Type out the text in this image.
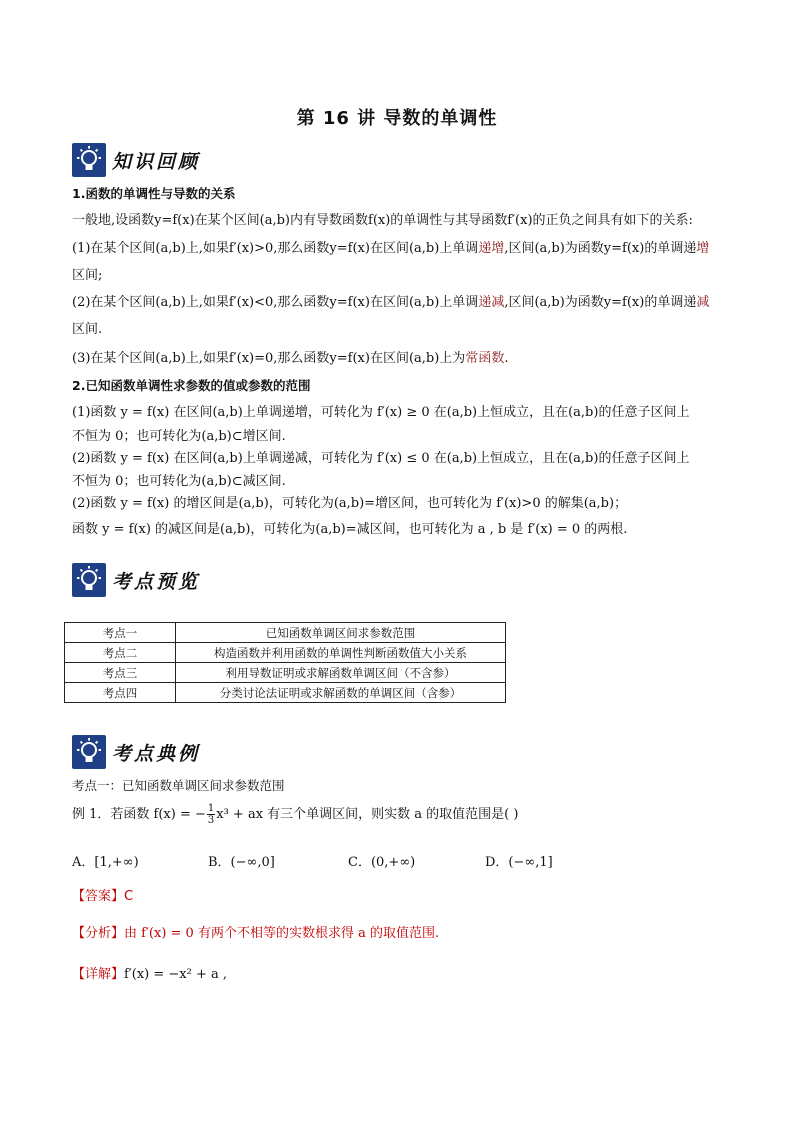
第 16 讲 导数的单调性
知识回顾
1.函数的单调性与导数的关系
一般地,设函数y=f(x)在某个区间(a,b)内有导数函数f(x)的单调性与其导函数f′(x)的正负之间具有如下的关系:
(1)在某个区间(a,b)上,如果f′(x)>0,那么函数y=f(x)在区间(a,b)上单调递增,区间(a,b)为函数y=f(x)的单调递增
区间;
(2)在某个区间(a,b)上,如果f′(x)<0,那么函数y=f(x)在区间(a,b)上单调递减,区间(a,b)为函数y=f(x)的单调递减
区间.
(3)在某个区间(a,b)上,如果f′(x)=0,那么函数y=f(x)在区间(a,b)上为常函数.
2.已知函数单调性求参数的值或参数的范围
(1)函数 y = f(x) 在区间(a,b)上单调递增，可转化为 f′(x) ≥ 0 在(a,b)上恒成立，且在(a,b)的任意子区间上
不恒为 0；也可转化为(a,b)⊂增区间.
(2)函数 y = f(x) 在区间(a,b)上单调递减，可转化为 f′(x) ≤ 0 在(a,b)上恒成立，且在(a,b)的任意子区间上
不恒为 0；也可转化为(a,b)⊂减区间.
(2)函数 y = f(x) 的增区间是(a,b)，可转化为(a,b)=增区间，也可转化为 f′(x)>0 的解集(a,b)；
函数 y = f(x) 的减区间是(a,b)，可转化为(a,b)=减区间，也可转化为 a , b 是 f′(x) = 0 的两根.
考点预览
考点一	已知函数单调区间求参数范围
考点二	构造函数并利用函数的单调性判断函数值大小关系
考点三	利用导数证明或求解函数单调区间（不含参）
考点四	分类讨论法证明或求解函数的单调区间（含参）
考点典例
考点一：已知函数单调区间求参数范围
例 1．若函数 f(x) = − $\frac{1}{3} x^3$ + ax 有三个单调区间，则实数 a 的取值范围是( )
A．[1,+∞)	B．(−∞,0]	C．(0,+∞)	D．(−∞,1]
【答案】C
【分析】由 f′(x) = 0 有两个不相等的实数根求得 a 的取值范围.
【详解】f′(x) = −x² + a ,
